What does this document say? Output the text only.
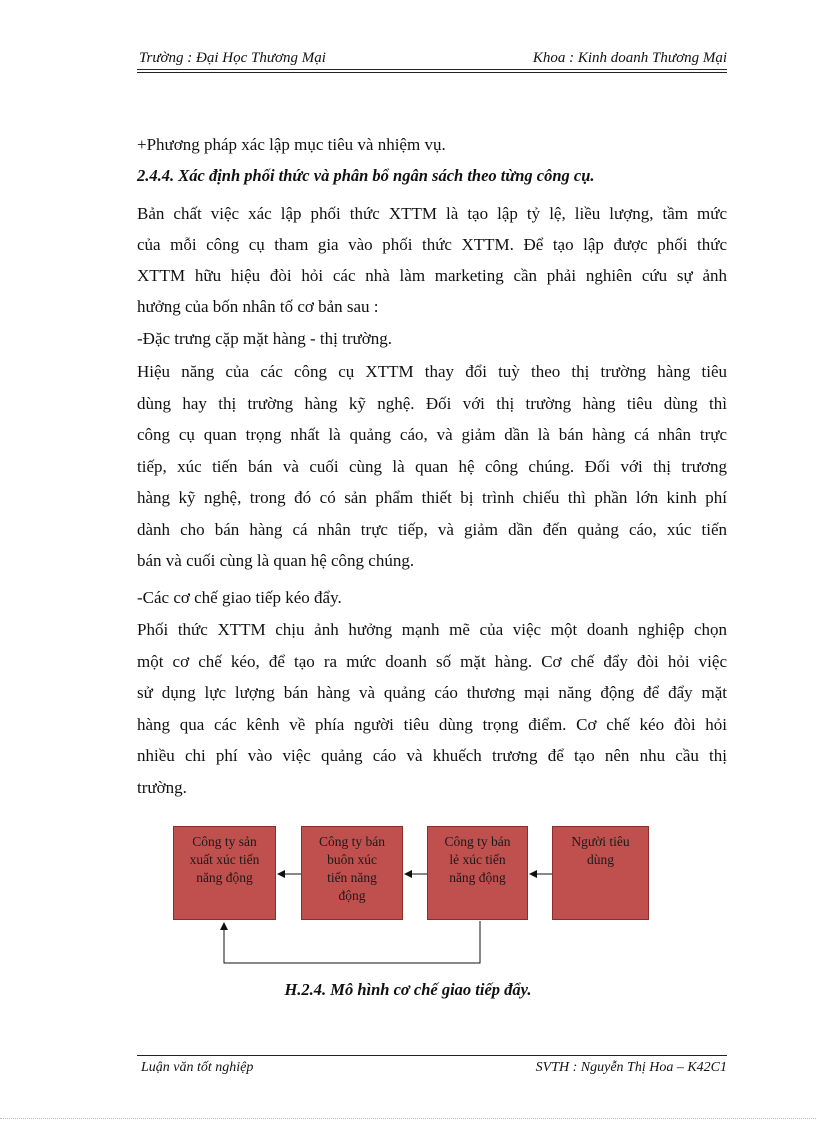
Trường : Đại Học Thương Mại	Khoa : Kinh doanh Thương Mại
+Phương pháp xác lập mục tiêu và nhiệm vụ.
2.4.4. Xác định phối thức và phân bổ ngân sách theo từng công cụ.
Bản chất việc xác lập phối thức XTTM là tạo lập tỷ lệ, liều lượng, tầm mức
của mỗi công cụ tham gia vào phối thức XTTM. Để tạo lập được phối thức
XTTM hữu hiệu đòi hỏi các nhà làm marketing cần phải nghiên cứu sự ảnh
hưởng của bốn nhân tố cơ bản sau :
-Đặc trưng cặp mặt hàng - thị trường.
Hiệu năng của các công cụ XTTM thay đổi tuỳ theo thị trường hàng tiêu
dùng hay thị trường hàng kỹ nghệ. Đối với thị trường hàng tiêu dùng thì
công cụ quan trọng nhất là quảng cáo, và giảm dần là bán hàng cá nhân trực
tiếp, xúc tiến bán và cuối cùng là quan hệ công chúng. Đối với thị trương
hàng kỹ nghệ, trong đó có sản phẩm thiết bị trình chiếu thì phần lớn kinh phí
dành cho bán hàng cá nhân trực tiếp, và giảm dần đến quảng cáo, xúc tiến
bán và cuối cùng là quan hệ công chúng.
-Các cơ chế giao tiếp kéo đẩy.
Phối thức XTTM chịu ảnh hưởng mạnh mẽ của việc một doanh nghiệp chọn
một cơ chế kéo, để tạo ra mức doanh số mặt hàng. Cơ chế đẩy đòi hỏi việc
sử dụng lực lượng bán hàng và quảng cáo thương mại năng động để đẩy mặt
hàng qua các kênh về phía người tiêu dùng trọng điểm. Cơ chế kéo đòi hỏi
nhiều chi phí vào việc quảng cáo và khuếch trương để tạo nên nhu cầu thị
trường.
Công ty sản
xuất xúc tiến
năng động
Công ty bán
buôn xúc
tiến năng
động
Công ty bán
lẻ xúc tiến
năng động
Người tiêu
dùng
H.2.4. Mô hình cơ chế giao tiếp đẩy.
Luận văn tốt nghiệp	SVTH : Nguyễn Thị Hoa – K42C1
